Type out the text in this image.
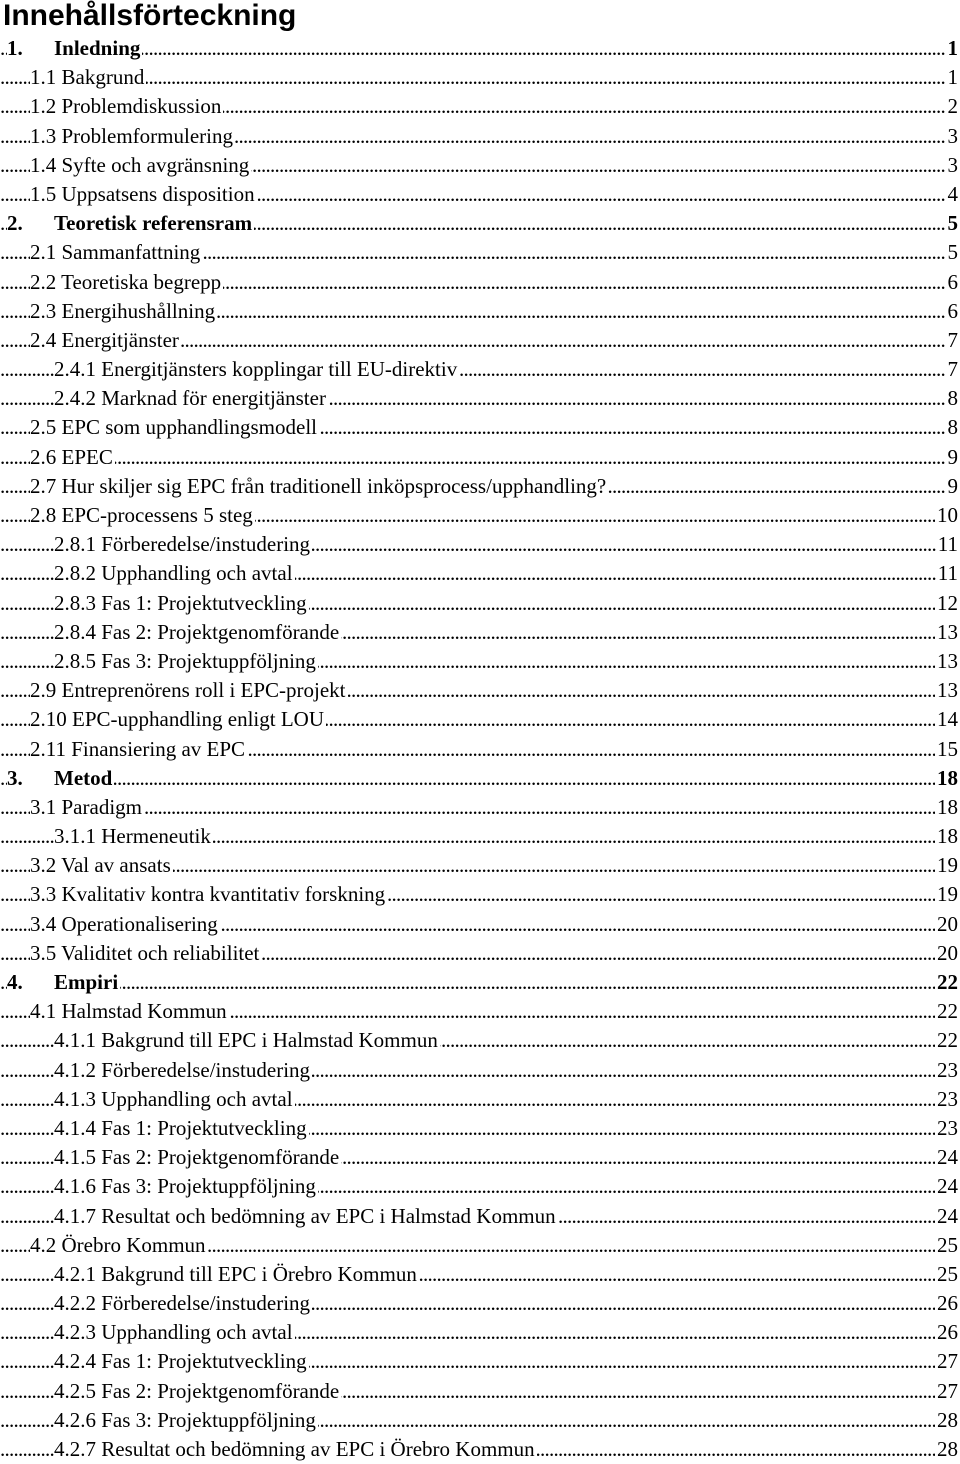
Innehållsförteckning
. . .
1. Inledning	1
. . .
1.1 Bakgrund	1
. . .
1.2 Problemdiskussion	2
. . .
1.3 Problemformulering	3
. . .
1.4 Syfte och avgränsning	3
. . .
1.5 Uppsatsens disposition	4
. . .
2. Teoretisk referensram	5
. . .
2.1 Sammanfattning	5
. . .
2.2 Teoretiska begrepp	6
. . .
2.3 Energihushållning	6
. . .
2.4 Energitjänster	7
. . .
2.4.1 Energitjänsters kopplingar till EU-direktiv	7
. . .
2.4.2 Marknad för energitjänster	8
. . .
2.5 EPC som upphandlingsmodell	8
. . .
2.6 EPEC	9
. . .
2.7 Hur skiljer sig EPC från traditionell inköpsprocess/upphandling?	9
. . .
2.8 EPC-processens 5 steg	10
. . .
2.8.1 Förberedelse/instudering	11
. . .
2.8.2 Upphandling och avtal	11
. . .
2.8.3 Fas 1: Projektutveckling	12
. . .
2.8.4 Fas 2: Projektgenomförande	13
. . .
2.8.5 Fas 3: Projektuppföljning	13
. . .
2.9 Entreprenörens roll i EPC-projekt	13
. . .
2.10 EPC-upphandling enligt LOU	14
. . .
2.11 Finansiering av EPC	15
. . .
3. Metod	18
. . .
3.1 Paradigm	18
. . .
3.1.1 Hermeneutik	18
. . .
3.2 Val av ansats	19
. . .
3.3 Kvalitativ kontra kvantitativ forskning	19
. . .
3.4 Operationalisering	20
. . .
3.5 Validitet och reliabilitet	20
. . .
4. Empiri	22
. . .
4.1 Halmstad Kommun	22
. . .
4.1.1 Bakgrund till EPC i Halmstad Kommun	22
. . .
4.1.2 Förberedelse/instudering	23
. . .
4.1.3 Upphandling och avtal	23
. . .
4.1.4 Fas 1: Projektutveckling	23
. . .
4.1.5 Fas 2: Projektgenomförande	24
. . .
4.1.6 Fas 3: Projektuppföljning	24
. . .
4.1.7 Resultat och bedömning av EPC i Halmstad Kommun	24
. . .
4.2 Örebro Kommun	25
. . .
4.2.1 Bakgrund till EPC i Örebro Kommun	25
. . .
4.2.2 Förberedelse/instudering	26
. . .
4.2.3 Upphandling och avtal	26
. . .
4.2.4 Fas 1: Projektutveckling	27
. . .
4.2.5 Fas 2: Projektgenomförande	27
. . .
4.2.6 Fas 3: Projektuppföljning	28
. . .
4.2.7 Resultat och bedömning av EPC i Örebro Kommun	28
